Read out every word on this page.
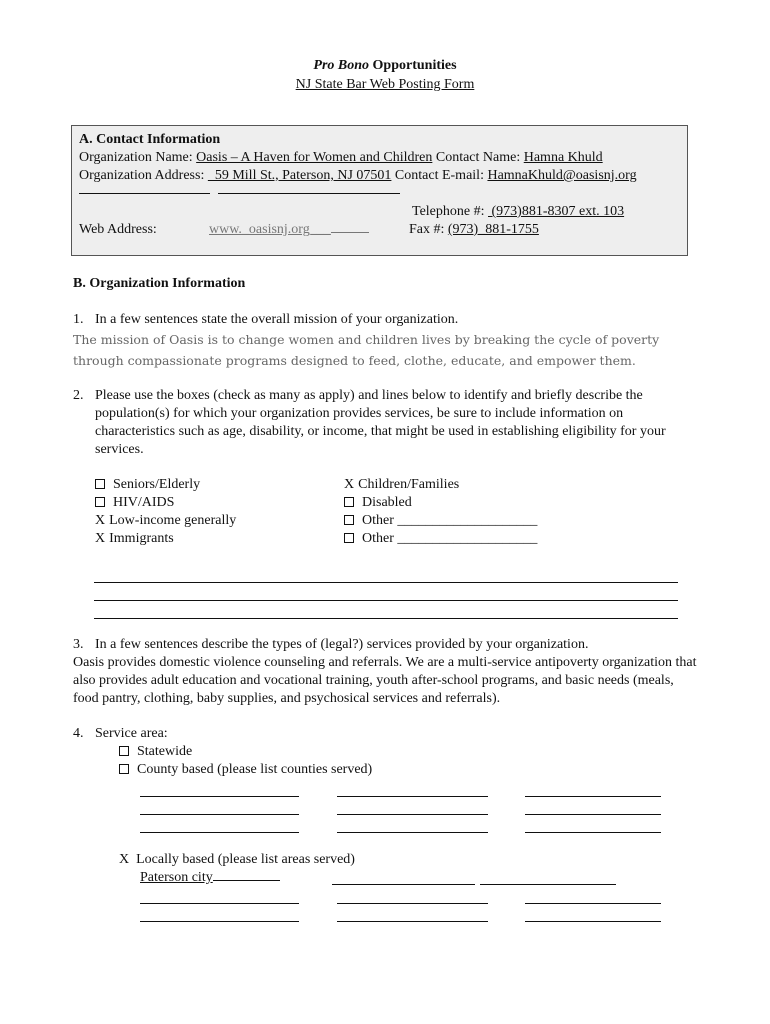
Pro Bono Opportunities
NJ State Bar Web Posting Form
A. Contact Information
Organization Name: Oasis – A Haven for Women and Children Contact Name: Hamna Khuld
Organization Address:   59 Mill St., Paterson, NJ 07501 Contact E-mail: HamnaKhuld@oasisnj.org

Telephone #:  (973)881-8307 ext. 103
Web Address:	www._oasisnj.org___	Fax #: (973)_881-1755
B. Organization Information
1. In a few sentences state the overall mission of your organization.
The mission of Oasis is to change women and children lives by breaking the cycle of poverty through compassionate programs designed to feed, clothe, educate, and empower them.
2. Please use the boxes (check as many as apply) and lines below to identify and briefly describe the population(s) for which your organization provides services, be sure to include information on characteristics such as age, disability, or income, that might be used in establishing eligibility for your services.
Seniors/Elderly
HIV/AIDS
X Low-income generally
X Immigrants
X Children/Families
Disabled
Other ____________________
Other ____________________
3. In a few sentences describe the types of (legal?) services provided by your organization.
Oasis provides domestic violence counseling and referrals. We are a multi-service antipoverty organization that also provides adult education and vocational training, youth after-school programs, and basic needs (meals, food pantry, clothing, baby supplies, and psychosical services and referrals).
4. Service area:
Statewide
County based (please list counties served)
X Locally based (please list areas served)
Paterson city
